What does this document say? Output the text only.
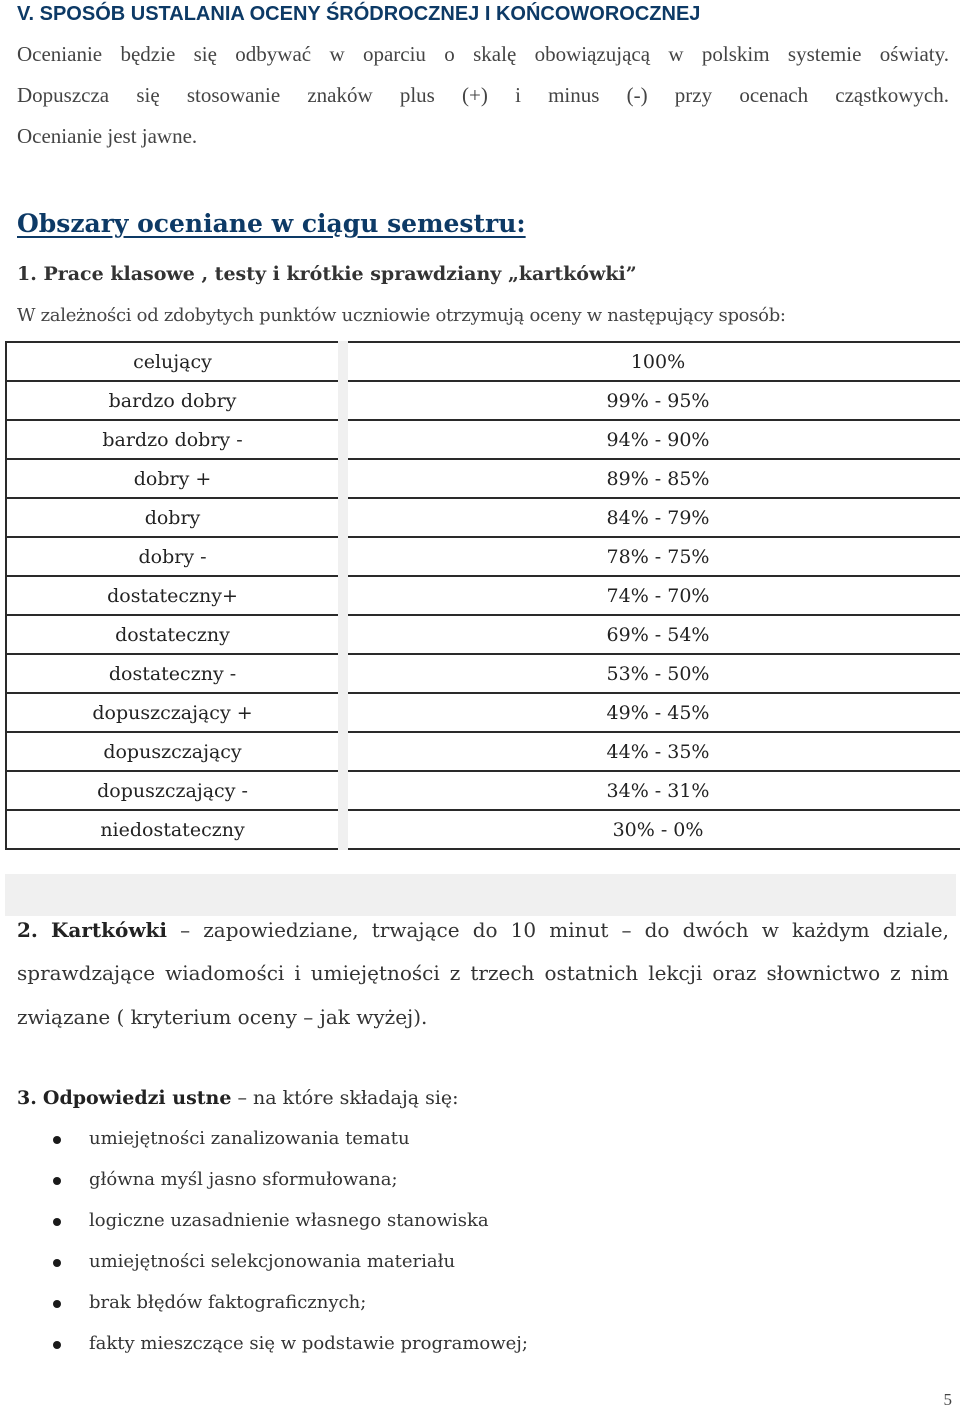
V. SPOSÓB USTALANIA OCENY ŚRÓDROCZNEJ I KOŃCOWOROCZNEJ
Ocenianie będzie się odbywać w oparciu o skalę obowiązującą w polskim systemie oświaty.
Dopuszcza się stosowanie znaków plus (+) i minus (-) przy ocenach cząstkowych.
Ocenianie jest jawne.
Obszary oceniane w ciągu semestru:
1. Prace klasowe , testy i krótkie sprawdziany „kartkówki”
W zależności od zdobytych punktów uczniowie otrzymują oceny w następujący sposób:
celujący	100%
bardzo dobry	99% - 95%
bardzo dobry -	94% - 90%
dobry +	89% - 85%
dobry	84% - 79%
dobry -	78% - 75%
dostateczny+	74% - 70%
dostateczny	69% - 54%
dostateczny -	53% - 50%
dopuszczający +	49% - 45%
dopuszczający	44% - 35%
dopuszczający -	34% - 31%
niedostateczny	30% - 0%
2. Kartkówki – zapowiedziane, trwające do 10 minut – do dwóch w każdym dziale,
sprawdzające wiadomości i umiejętności z trzech ostatnich lekcji oraz słownictwo z nim
związane ( kryterium oceny – jak wyżej).
3. Odpowiedzi ustne – na które składają się:
umiejętności zanalizowania tematu
główna myśl jasno sformułowana;
logiczne uzasadnienie własnego stanowiska
umiejętności selekcjonowania materiału
brak błędów faktograficznych;
fakty mieszczące się w podstawie programowej;
5
